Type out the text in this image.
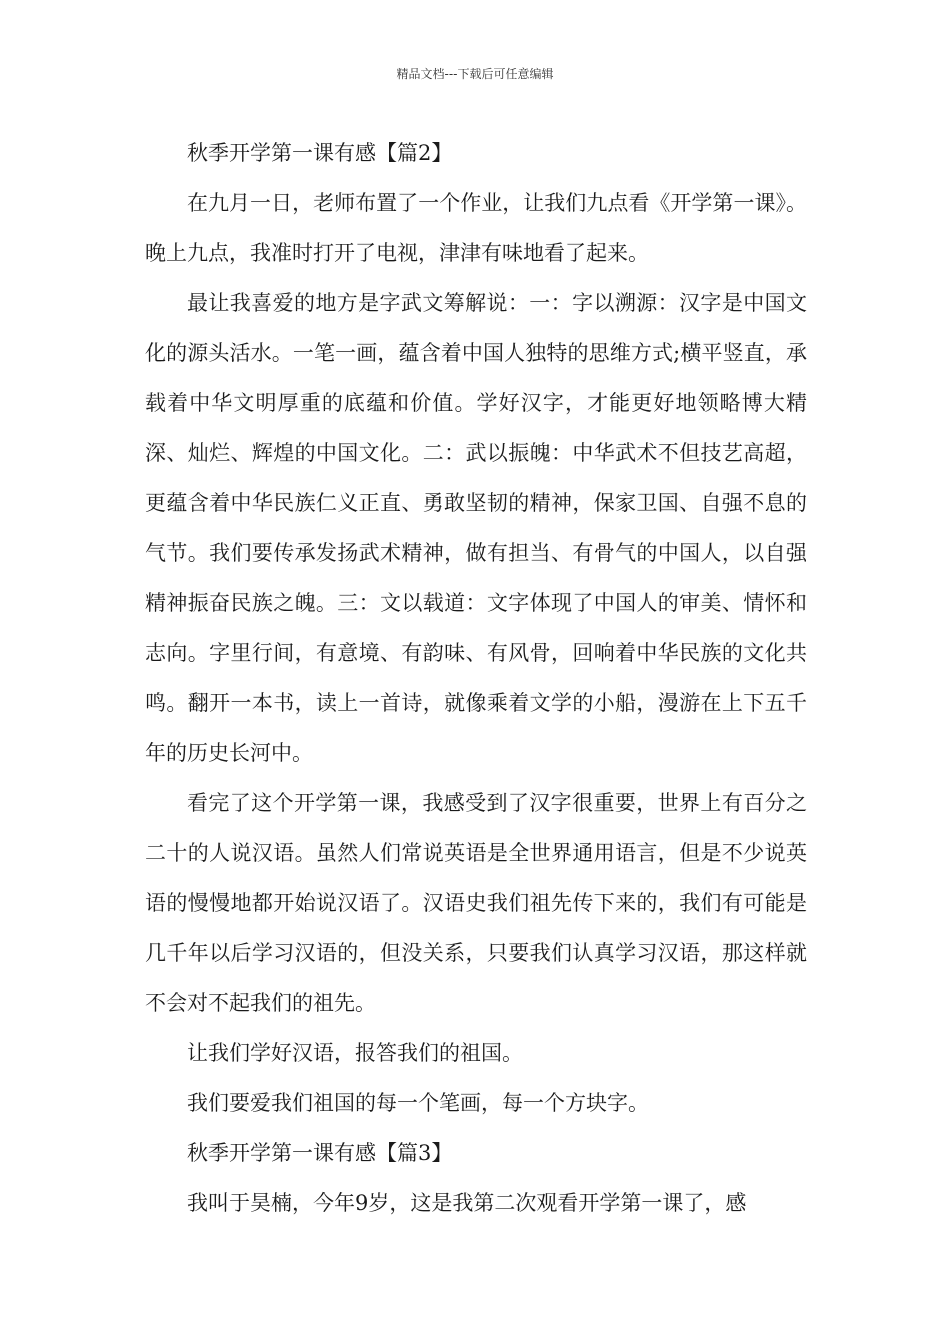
精品文档---下载后可任意编辑

秋季开学第一课有感【篇2】

在九月一日，老师布置了一个作业，让我们九点看《开学第一课》。晚上九点，我准时打开了电视，津津有味地看了起来。

最让我喜爱的地方是字武文筹解说：一：字以溯源：汉字是中国文化的源头活水。一笔一画，蕴含着中国人独特的思维方式;横平竖直，承载着中华文明厚重的底蕴和价值。学好汉字，才能更好地领略博大精深、灿烂、辉煌的中国文化。二：武以振魄：中华武术不但技艺高超，更蕴含着中华民族仁义正直、勇敢坚韧的精神，保家卫国、自强不息的气节。我们要传承发扬武术精神，做有担当、有骨气的中国人，以自强精神振奋民族之魄。三：文以载道：文字体现了中国人的审美、情怀和志向。字里行间，有意境、有韵味、有风骨，回响着中华民族的文化共鸣。翻开一本书，读上一首诗，就像乘着文学的小船，漫游在上下五千年的历史长河中。

看完了这个开学第一课，我感受到了汉字很重要，世界上有百分之二十的人说汉语。虽然人们常说英语是全世界通用语言，但是不少说英语的慢慢地都开始说汉语了。汉语史我们祖先传下来的，我们有可能是几千年以后学习汉语的，但没关系，只要我们认真学习汉语，那这样就不会对不起我们的祖先。

让我们学好汉语，报答我们的祖国。

我们要爱我们祖国的每一个笔画，每一个方块字。

秋季开学第一课有感【篇3】

我叫于昊楠，今年9岁，这是我第二次观看开学第一课了，感
